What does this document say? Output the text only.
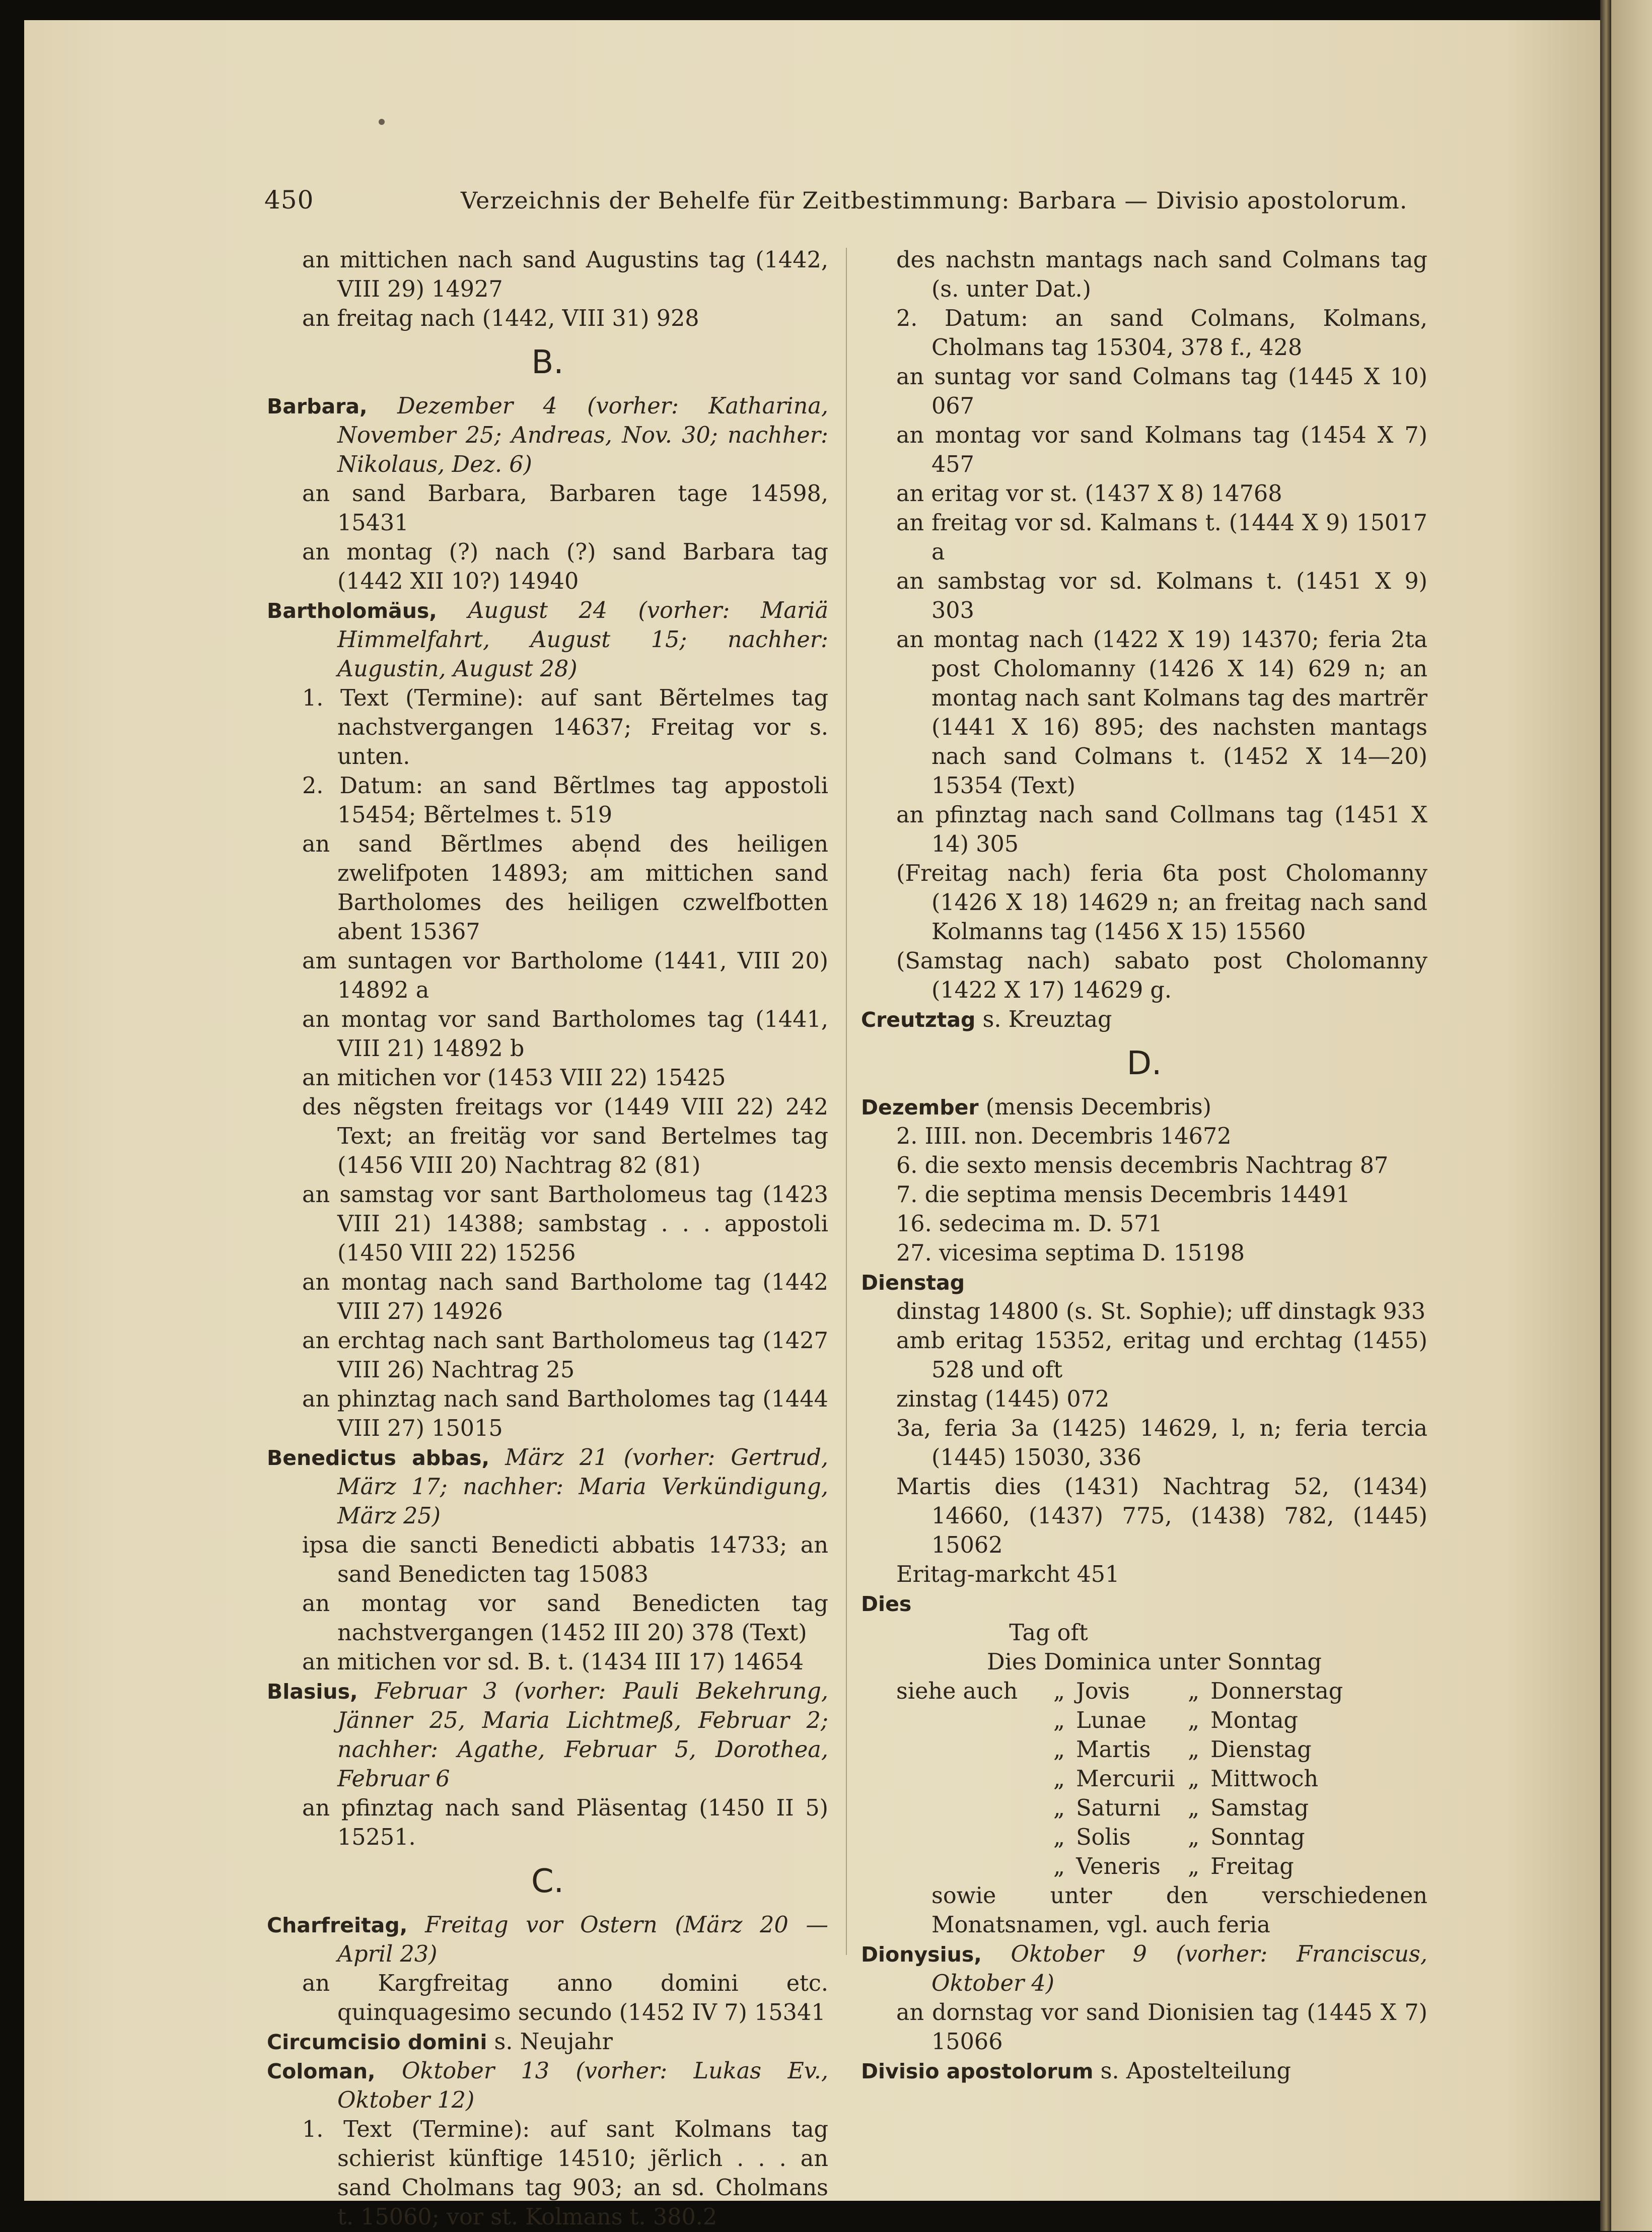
450	Verzeichnis der Behelfe für Zeitbestimmung: Barbara — Divisio apostolorum.

an mittichen nach sand Augustins tag (1442, VIII 29) 14927

an freitag nach (1442, VIII 31) 928

B.

Barbara, Dezember 4 (vorher: Katharina, November 25; Andreas, Nov. 30; nachher: Nikolaus, Dez. 6)

an sand Barbara, Barbaren tage 14598, 15431

an montag (?) nach (?) sand Barbara tag (1442 XII 10?) 14940

Bartholomäus, August 24 (vorher: Mariä Himmelfahrt, August 15; nachher: Augustin, August 28)

1. Text (Termine): auf sant Bẽrtelmes tag nachstvergangen 14637; Freitag vor s. unten.

2. Datum: an sand Bẽrtlmes tag appostoli 15454; Bẽrtelmes t. 519

an sand Bẽrtlmes abe̩nd des heiligen zwelifpoten 14893; am mittichen sand Bartholomes des heiligen czwelfbotten abent 15367

am suntagen vor Bartholome (1441, VIII 20) 14892 a

an montag vor sand Bartholomes tag (1441, VIII 21) 14892 b

an mitichen vor (1453 VIII 22) 15425

des nẽgsten freitags vor (1449 VIII 22) 242 Text; an freitäg vor sand Bertelmes tag (1456 VIII 20) Nachtrag 82 (81)

an samstag vor sant Bartholomeus tag (1423 VIII 21) 14388; sambstag . . . appostoli (1450 VIII 22) 15256

an montag nach sand Bartholome tag (1442 VIII 27) 14926

an erchtag nach sant Bartholomeus tag (1427 VIII 26) Nachtrag 25

an phinztag nach sand Bartholomes tag (1444 VIII 27) 15015

Benedictus abbas, März 21 (vorher: Gertrud, März 17; nachher: Maria Verkündigung, März 25)

ipsa die sancti Benedicti abbatis 14733; an sand Benedicten tag 15083

an montag vor sand Benedicten tag nachstvergangen (1452 III 20) 378 (Text)

an mitichen vor sd. B. t. (1434 III 17) 14654

Blasius, Februar 3 (vorher: Pauli Bekehrung, Jänner 25, Maria Lichtmeß, Februar 2; nachher: Agathe, Februar 5, Dorothea, Februar 6

an pfinztag nach sand Pläsentag (1450 II 5) 15251.

C.

Charfreitag, Freitag vor Ostern (März 20 — April 23)

an Kargfreitag anno domini etc. quinquagesimo secundo (1452 IV 7) 15341

Circumcisio domini s. Neujahr

Coloman, Oktober 13 (vorher: Lukas Ev., Oktober 12)

1. Text (Termine): auf sant Kolmans tag schierist künftige 14510; jẽrlich . . . an sand Cholmans tag 903; an sd. Cholmans t. 15060; vor st. Kolmans t. 380.2

des nachstn mantags nach sand Colmans tag (s. unter Dat.)

2. Datum: an sand Colmans, Kolmans, Cholmans tag 15304, 378 f., 428

an suntag vor sand Colmans tag (1445 X 10) 067

an montag vor sand Kolmans tag (1454 X 7) 457

an eritag vor st. (1437 X 8) 14768

an freitag vor sd. Kalmans t. (1444 X 9) 15017 a

an sambstag vor sd. Kolmans t. (1451 X 9) 303

an montag nach (1422 X 19) 14370; feria 2ta post Cholomanny (1426 X 14) 629 n; an montag nach sant Kolmans tag des martrẽr (1441 X 16) 895; des nachsten mantags nach sand Colmans t. (1452 X 14—20) 15354 (Text)

an pfinztag nach sand Collmans tag (1451 X 14) 305

(Freitag nach) feria 6ta post Cholomanny (1426 X 18) 14629 n; an freitag nach sand Kolmanns tag (1456 X 15) 15560

(Samstag nach) sabato post Cholomanny (1422 X 17) 14629 g.

Creutztag s. Kreuztag

D.

Dezember (mensis Decembris)

2. IIII. non. Decembris 14672

6. die sexto mensis decembris Nachtrag 87

7. die septima mensis Decembris 14491

16. sedecima m. D. 571

27. vicesima septima D. 15198

Dienstag

dinstag 14800 (s. St. Sophie); uff dinstagk 933

amb eritag 15352, eritag und erchtag (1455) 528 und oft

zinstag (1445) 072

3a, feria 3a (1425) 14629, l, n; feria tercia (1445) 15030, 336

Martis dies (1431) Nachtrag 52, (1434) 14660, (1437) 775, (1438) 782, (1445) 15062

Eritag-markcht 451

Dies

Tag oft

Dies Dominica unter Sonntag

siehe auch	„	Jovis	„	Donnerstag
	„	Lunae	„	Montag
	„	Martis	„	Dienstag
	„	Mercurii	„	Mittwoch
	„	Saturni	„	Samstag
	„	Solis	„	Sonntag
	„	Veneris	„	Freitag

sowie unter den verschiedenen Monatsnamen, vgl. auch feria

Dionysius, Oktober 9 (vorher: Franciscus, Oktober 4)

an dornstag vor sand Dionisien tag (1445 X 7) 15066

Divisio apostolorum s. Apostelteilung
